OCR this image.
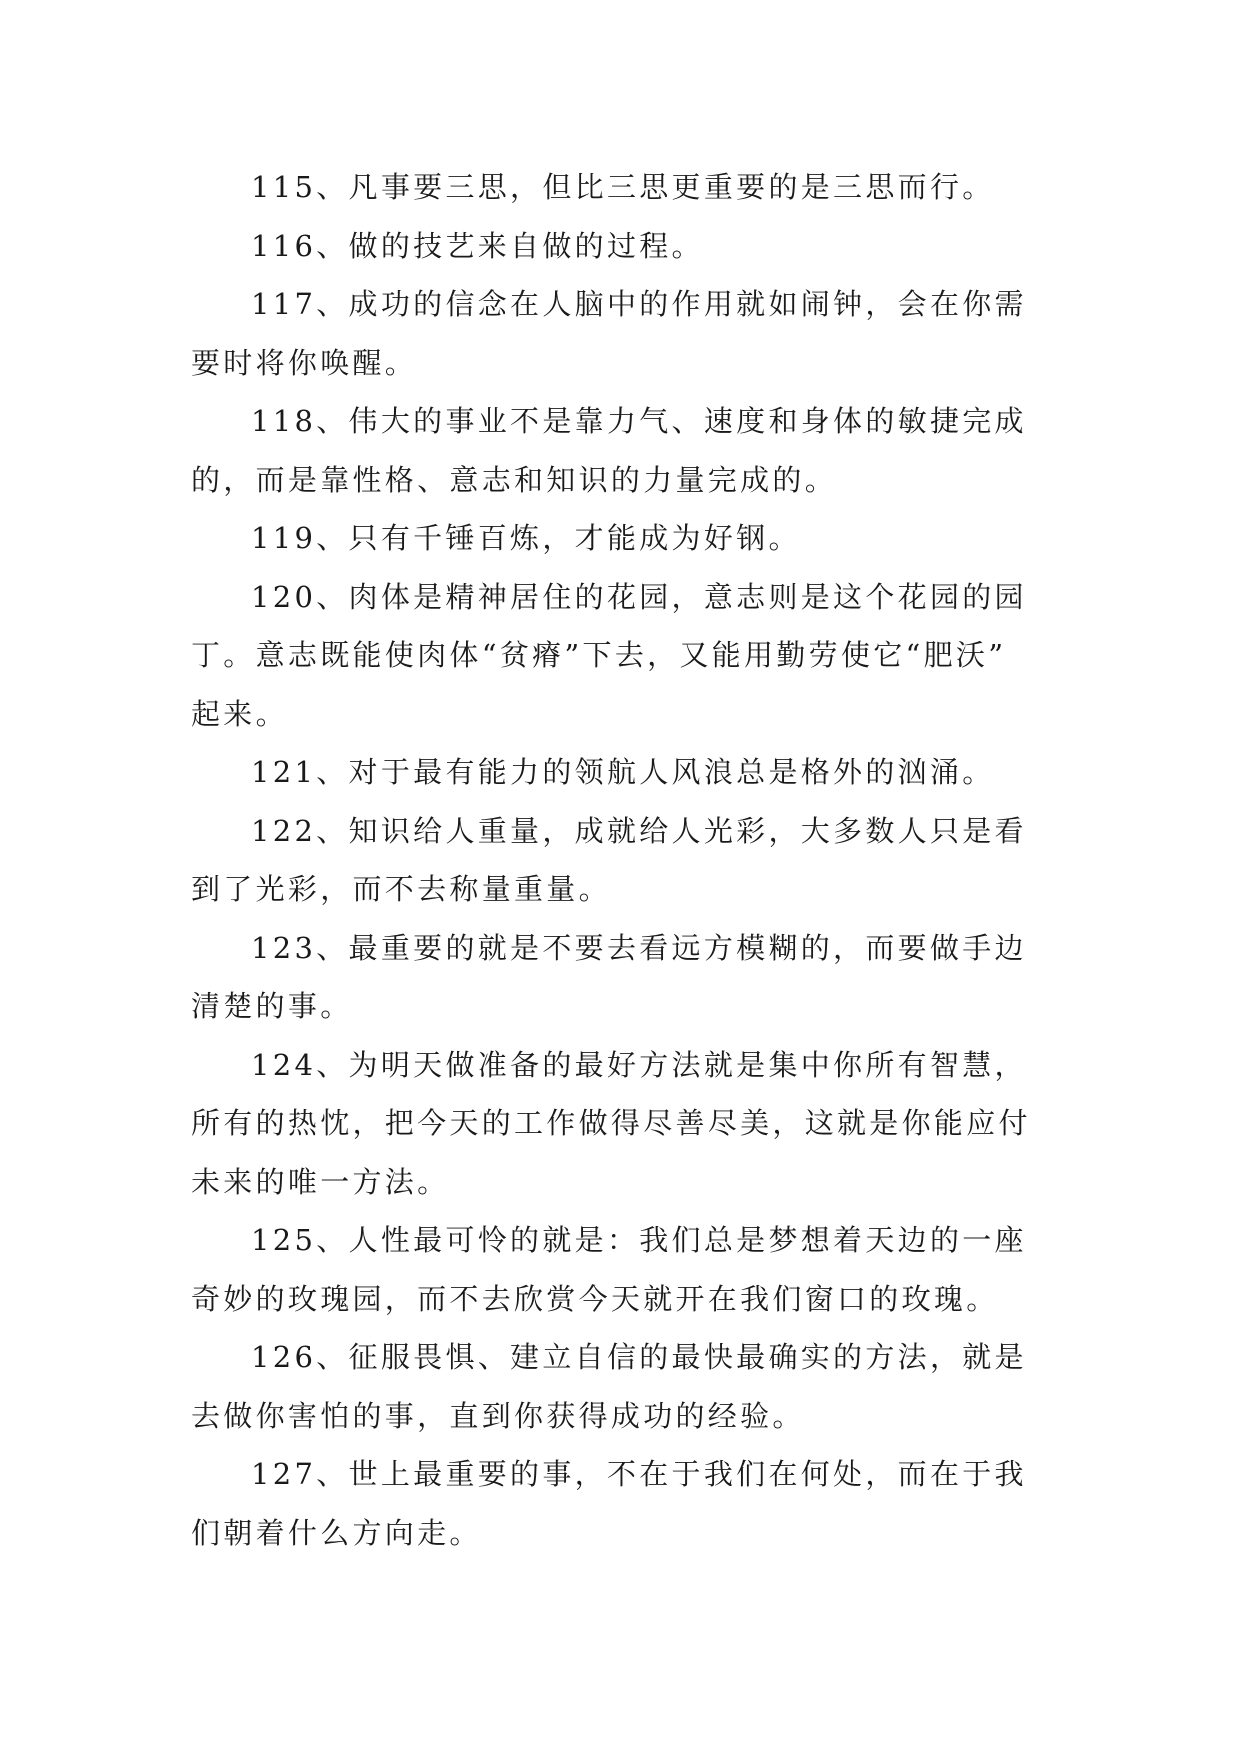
115、凡事要三思，但比三思更重要的是三思而行。

116、做的技艺来自做的过程。

117、成功的信念在人脑中的作用就如闹钟，会在你需
要时将你唤醒。

118、伟大的事业不是靠力气、速度和身体的敏捷完成
的，而是靠性格、意志和知识的力量完成的。

119、只有千锤百炼，才能成为好钢。

120、肉体是精神居住的花园，意志则是这个花园的园
丁。意志既能使肉体“贫瘠”下去，又能用勤劳使它“肥沃”
起来。

121、对于最有能力的领航人风浪总是格外的汹涌。

122、知识给人重量，成就给人光彩，大多数人只是看
到了光彩，而不去称量重量。

123、最重要的就是不要去看远方模糊的，而要做手边
清楚的事。

124、为明天做准备的最好方法就是集中你所有智慧，
所有的热忱，把今天的工作做得尽善尽美，这就是你能应付
未来的唯一方法。

125、人性最可怜的就是：我们总是梦想着天边的一座
奇妙的玫瑰园，而不去欣赏今天就开在我们窗口的玫瑰。

126、征服畏惧、建立自信的最快最确实的方法，就是
去做你害怕的事，直到你获得成功的经验。

127、世上最重要的事，不在于我们在何处，而在于我
们朝着什么方向走。
